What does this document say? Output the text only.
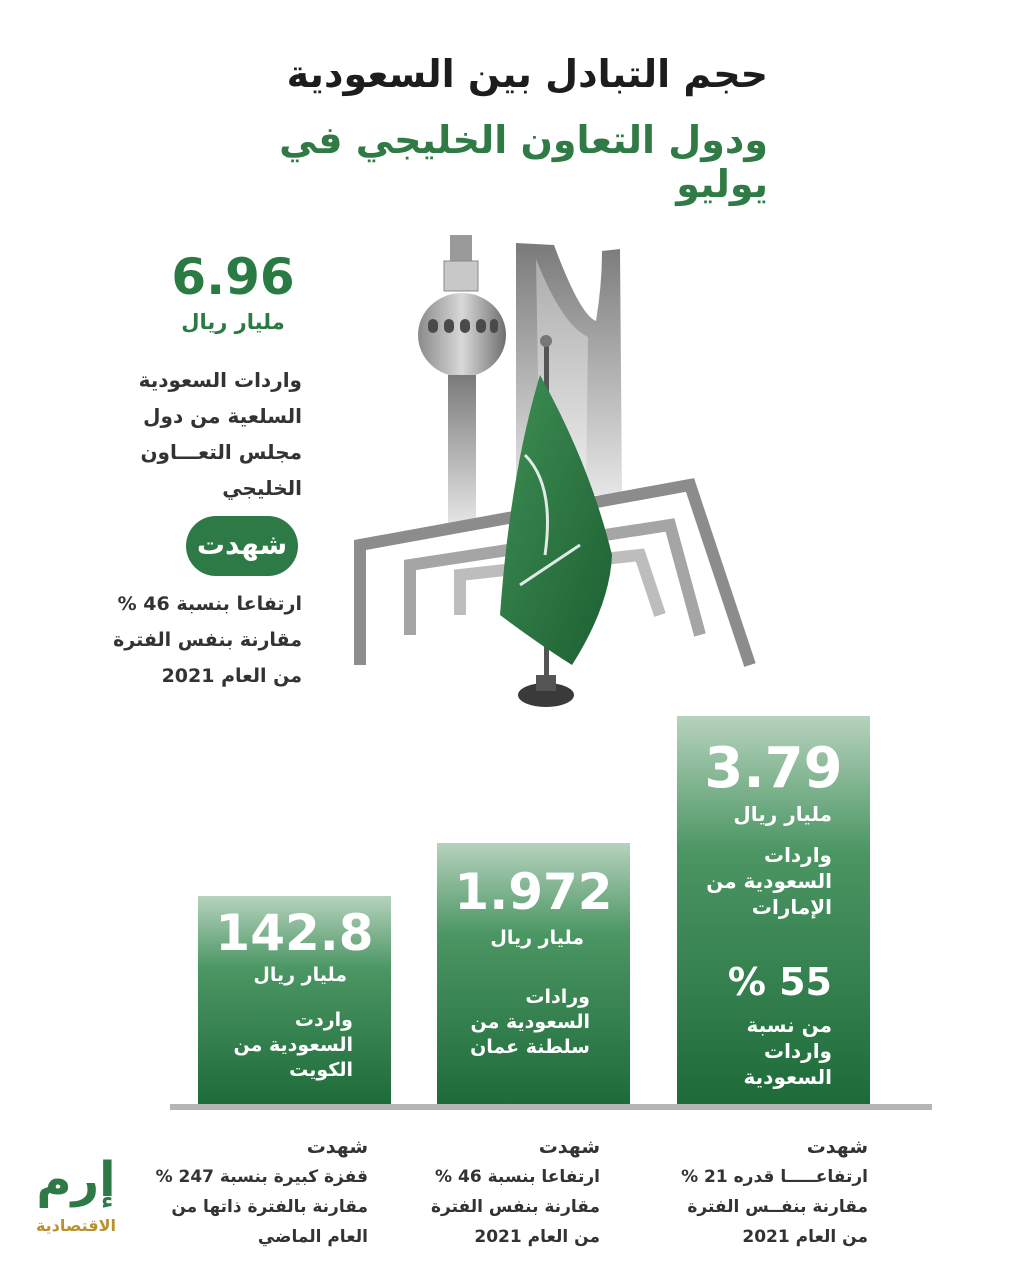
حجم التبادل بين السعودية
ودول التعاون الخليجي في يوليو
6.96
مليار ريال
واردات السعودية السلعية من دول مجلس التعـــاون الخليجي
شهدت
ارتفاعا بنسبة 46 % مقارنة بنفس الفترة من العام 2021
3.79
مليار ريال
واردات السعودية من الإمارات
% 55
من نسبة واردات السعودية
1.972
مليار ريال
ورادات السعودية من سلطنة عمان
142.8
مليار ريال
واردت السعودية من الكويت
شهدت
ارتفاعـــــا قدره 21 % مقارنة بنفــس الفترة من العام 2021
شهدت
ارتفاعا بنسبة 46 % مقارنة بنفس الفترة من العام 2021
شهدت
قفزة كبيرة بنسبة 247 % مقارنة بالفترة ذاتها من العام الماضي
إرم
الاقتصادية
